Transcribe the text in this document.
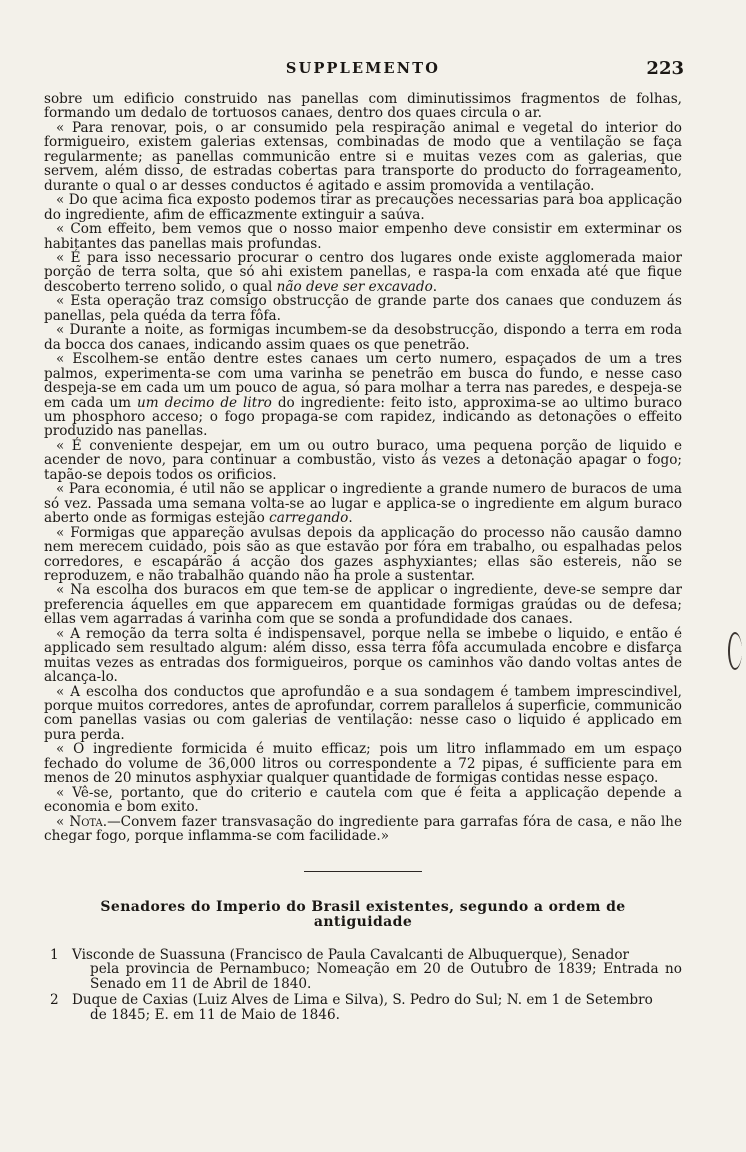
SUPPLEMENTO	223

sobre um edificio construido nas panellas com diminutissimos fragmentos de folhas, formando um dedalo de tortuosos canaes, dentro dos quaes circula o ar.

« Para renovar, pois, o ar consumido pela respiração animal e vegetal do interior do formigueiro, existem galerias extensas, combinadas de modo que a ventilação se faça regularmente; as panellas communicão entre si e muitas vezes com as galerias, que servem, além disso, de estradas cobertas para transporte do producto do forrageamento, durante o qual o ar desses conductos é agitado e assim promovida a ventilação.

« Do que acima fica exposto podemos tirar as precauções necessarias para boa applicação do ingrediente, afim de efficazmente extinguir a saúva.

« Com effeito, bem vemos que o nosso maior empenho deve consistir em exterminar os habitantes das panellas mais profundas.

« É para isso necessario procurar o centro dos lugares onde existe agglomerada maior porção de terra solta, que só ahi existem panellas, e raspa-la com enxada até que fique descoberto terreno solido, o qual não deve ser excavado.

« Esta operação traz comsigo obstrucção de grande parte dos canaes que conduzem ás panellas, pela quéda da terra fôfa.

« Durante a noite, as formigas incumbem-se da desobstrucção, dispondo a terra em roda da bocca dos canaes, indicando assim quaes os que penetrão.

« Escolhem-se então dentre estes canaes um certo numero, espaçados de um a tres palmos, experimenta-se com uma varinha se penetrão em busca do fundo, e nesse caso despeja-se em cada um um pouco de agua, só para molhar a terra nas paredes, e despeja-se em cada um um decimo de litro do ingrediente: feito isto, approxima-se ao ultimo buraco um phosphoro acceso; o fogo propaga-se com rapidez, indicando as detonações o effeito produzido nas panellas.

« É conveniente despejar, em um ou outro buraco, uma pequena porção de liquido e acender de novo, para continuar a combustão, visto ás vezes a detonação apagar o fogo; tapão-se depois todos os orificios.

« Para economia, é util não se applicar o ingrediente a grande numero de buracos de uma só vez. Passada uma semana volta-se ao lugar e applica-se o ingrediente em algum buraco aberto onde as formigas estejão carregando.

« Formigas que appareção avulsas depois da applicação do processo não causão damno nem merecem cuidado, pois são as que estavão por fóra em trabalho, ou espalhadas pelos corredores, e escapárão á acção dos gazes asphyxiantes; ellas são estereis, não se reproduzem, e não trabalhão quando não ha prole a sustentar.

« Na escolha dos buracos em que tem-se de applicar o ingrediente, deve-se sempre dar preferencia áquelles em que apparecem em quantidade formigas graúdas ou de defesa; ellas vem agarradas á varinha com que se sonda a profundidade dos canaes.

« A remoção da terra solta é indispensavel, porque nella se imbebe o liquido, e então é applicado sem resultado algum: além disso, essa terra fôfa accumulada encobre e disfarça muitas vezes as entradas dos formigueiros, porque os caminhos vão dando voltas antes de alcança-lo.

« A escolha dos conductos que aprofundão e a sua sondagem é tambem imprescindivel, porque muitos corredores, antes de aprofundar, correm parallelos á superficie, communicão com panellas vasias ou com galerias de ventilação: nesse caso o liquido é applicado em pura perda.

« O ingrediente formicida é muito efficaz; pois um litro inflammado em um espaço fechado do volume de 36,000 litros ou correspondente a 72 pipas, é sufficiente para em menos de 20 minutos asphyxiar qualquer quantidade de formigas contidas nesse espaço.

« Vê-se, portanto, que do criterio e cautela com que é feita a applicação depende a economia e bom exito.

« Nota.—Convem fazer transvasação do ingrediente para garrafas fóra de casa, e não lhe chegar fogo, porque inflamma-se com facilidade.»

Senadores do Imperio do Brasil existentes, segundo a ordem de antiguidade
1 Visconde de Suassuna (Francisco de Paula Cavalcanti de Albuquerque), Senador
pela provincia de Pernambuco; Nomeação em 20 de Outubro de 1839; Entrada no Senado em 11 de Abril de 1840.
2 Duque de Caxias (Luiz Alves de Lima e Silva), S. Pedro do Sul; N. em 1 de Setembro
de 1845; E. em 11 de Maio de 1846.
